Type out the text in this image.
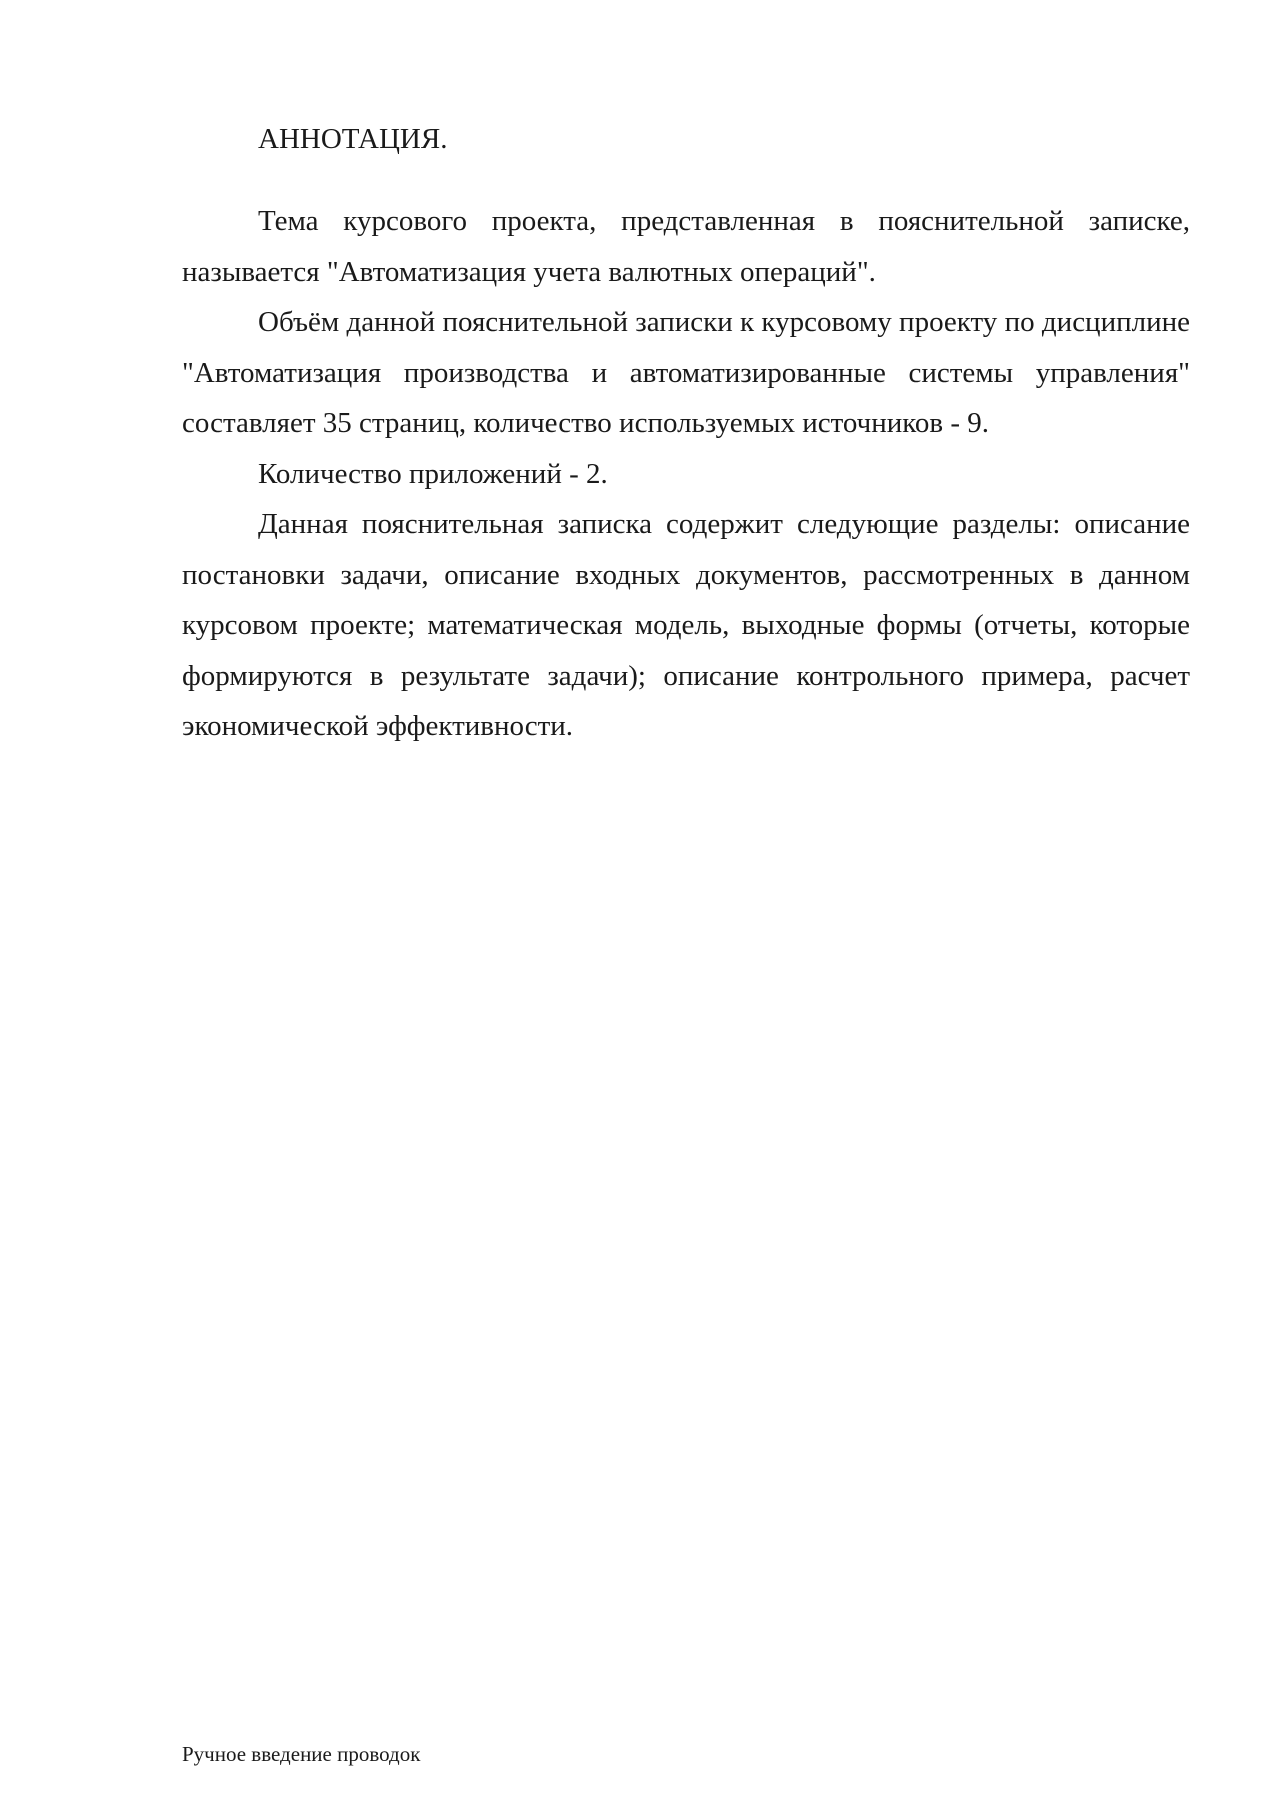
АННОТАЦИЯ.

Тема курсового проекта, представленная в пояснительной записке, называется "Автоматизация учета валютных операций".

Объём данной пояснительной записки к курсовому проекту по дисциплине "Автоматизация производства и автоматизированные системы управления" составляет 35 страниц, количество используемых источников - 9.

Количество приложений - 2.

Данная пояснительная записка содержит следующие разделы: описание постановки задачи, описание входных документов, рассмотренных в данном курсовом проекте; математическая модель, выходные формы (отчеты, которые формируются в результате задачи); описание контрольного примера, расчет экономической эффективности.

Ручное введение проводок
